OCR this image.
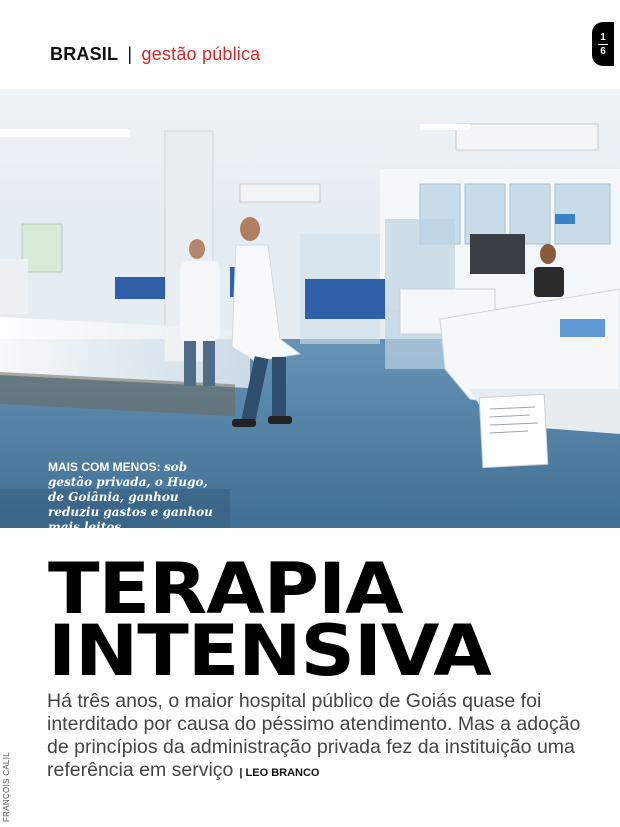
BRASIL | gestão pública
1
6
MAIS COM MENOS: sob gestão privada, o Hugo, de Goiânia, ganhou reduziu gastos e ganhou mais leitos
TERAPIA
INTENSIVA

Há três anos, o maior hospital público de Goiás quase foi interditado por causa do péssimo atendimento. Mas a adoção de princípios da administração privada fez da instituição uma referência em serviço | LEO BRANCO

FRANÇOIS CALIL
